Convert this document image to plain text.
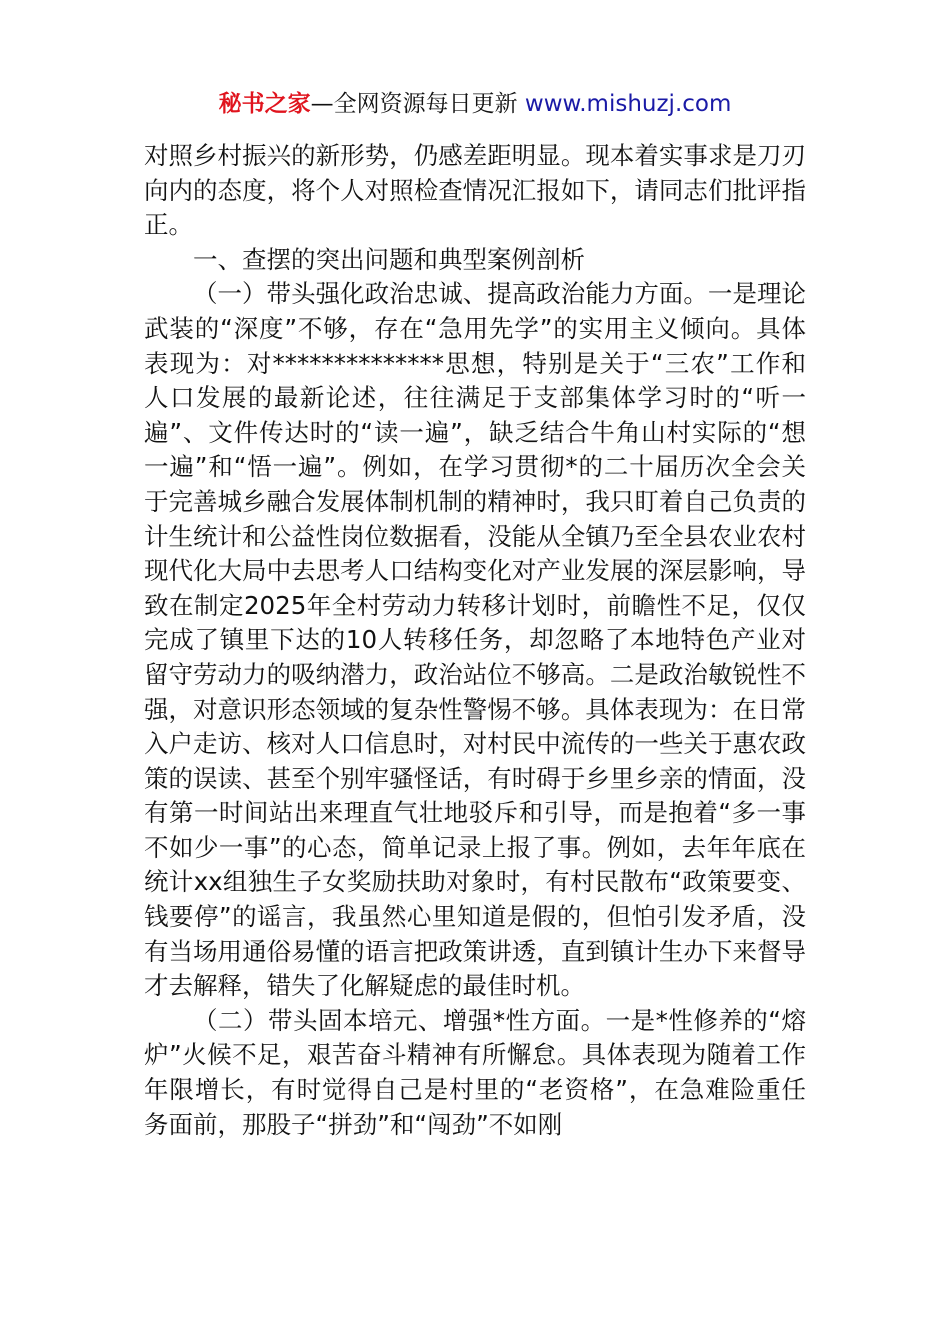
秘书之家—全网资源每日更新 www.mishuzj.com

对照乡村振兴的新形势，仍感差距明显。现本着实事求是刀刃向内的态度，将个人对照检查情况汇报如下，请同志们批评指正。

一、查摆的突出问题和典型案例剖析

（一）带头强化政治忠诚、提高政治能力方面。一是理论武装的“深度”不够，存在“急用先学”的实用主义倾向。具体表现为：对**************思想，特别是关于“三农”工作和人口发展的最新论述，往往满足于支部集体学习时的“听一遍”、文件传达时的“读一遍”，缺乏结合牛角山村实际的“想一遍”和“悟一遍”。例如，在学习贯彻*的二十届历次全会关于完善城乡融合发展体制机制的精神时，我只盯着自己负责的计生统计和公益性岗位数据看，没能从全镇乃至全县农业农村现代化大局中去思考人口结构变化对产业发展的深层影响，导致在制定2025年全村劳动力转移计划时，前瞻性不足，仅仅完成了镇里下达的10人转移任务，却忽略了本地特色产业对留守劳动力的吸纳潜力，政治站位不够高。二是政治敏锐性不强，对意识形态领域的复杂性警惕不够。具体表现为：在日常入户走访、核对人口信息时，对村民中流传的一些关于惠农政策的误读、甚至个别牢骚怪话，有时碍于乡里乡亲的情面，没有第一时间站出来理直气壮地驳斥和引导，而是抱着“多一事不如少一事”的心态，简单记录上报了事。例如，去年年底在统计xx组独生子女奖励扶助对象时，有村民散布“政策要变、钱要停”的谣言，我虽然心里知道是假的，但怕引发矛盾，没有当场用通俗易懂的语言把政策讲透，直到镇计生办下来督导才去解释，错失了化解疑虑的最佳时机。

（二）带头固本培元、增强*性方面。一是*性修养的“熔炉”火候不足，艰苦奋斗精神有所懈怠。具体表现为随着工作年限增长，有时觉得自己是村里的“老资格”，在急难险重任务面前，那股子“拼劲”和“闯劲”不如刚
